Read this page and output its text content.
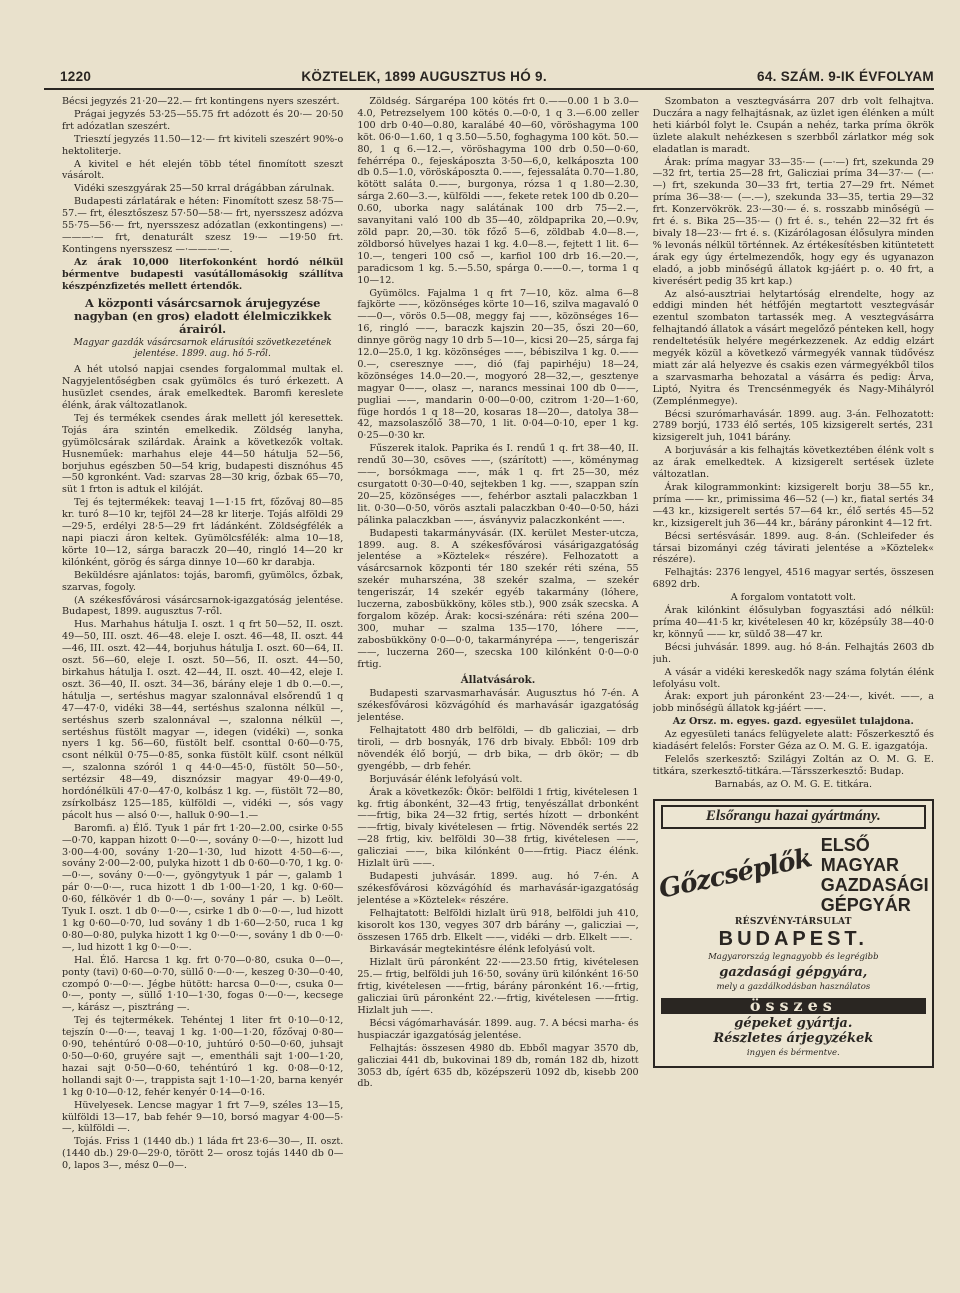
1220	KÖZTELEK, 1899 AUGUSZTUS HÓ 9.	64. SZÁM. 9-IK ÉVFOLYAM

Bécsi jegyzés 21·20—22.— frt kontingens nyers szeszért.

Prágai jegyzés 53·25—55.75 frt adózott és 20·— 20·50 frt adózatlan szeszért.

Triesztí jegyzés 11.50—12·— frt kiviteli szeszért 90%-o hektoliterje.

A kivitel e hét elején több tétel finomított szeszt vásárolt.

Vidéki szeszgyárak 25—50 krral drágábban zárulnak.

Budapesti zárlatárak e héten: Finomított szesz 58·75—57.— frt, élesztőszesz 57·50—58·— frt, nyersszesz adózva 55·75—56·— frt, nyersszesz adózatlan (exkontingens) —·———·— frt, denaturált szesz 19·— —19·50 frt. Kontingens nyersszesz —·———·—.

Az árak 10,000 literfokonként hordó nélkül bérmentve budapesti vasútállomásokig szállítva készpénzfizetés mellett értendők.

A központi vásárcsarnok árujegyzése nagyban (en gros) eladott élelmiczikkek árairól.
Magyar gazdák vásárcsarnok elárusítói szövetkezetének jelentése. 1899. aug. hó 5-ről.

A hét utolsó napjai csendes forgalommal multak el. Nagyjelentőségben csak gyümölcs és turó érkezett. A husüzlet csendes, árak emelkedtek. Baromfi kereslete élénk, árak változatlanok.

Tej és termékek csendes árak mellett jól keresettek. Tojás ára szintén emelkedik. Zöldség lanyha, gyümölcsárak szilárdak. Áraink a következők voltak. Husneműek: marhahus eleje 44—50 hátulja 52—56, borjuhus egészben 50—54 krig, budapesti disznóhus 45—50 kgronként. Vad: szarvas 28—30 krig, őzbak 65—70, süt 1 frton is adtuk el kilóját.

Tej és tejtermékek: teavaj 1—1·15 frt, főzővaj 80—85 kr. turó 8—10 kr, tejföl 24—28 kr literje. Tojás alföldi 29—29·5, erdélyi 28·5—29 frt ládánként. Zöldségfélék a napi piaczi áron keltek. Gyümölcsfélék: alma 10—18, körte 10—12, sárga baraczk 20—40, ringló 14—20 kr kilónként, görög és sárga dinnye 10—60 kr darabja.

Beküldésre ajánlatos: tojás, baromfi, gyümölcs, őzbak, szarvas, fogoly.

(A székesfővárosi vásárcsarnok-igazgatóság jelentése. Budapest, 1899. augusztus 7-ről.

Hus. Marhahus hátulja I. oszt. 1 q frt 50—52, II. oszt. 49—50, III. oszt. 46—48. eleje I. oszt. 46—48, II. oszt. 44—46, III. oszt. 42—44, borjuhus hátulja I. oszt. 60—64, II. oszt. 56—60, eleje I. oszt. 50—56, II. oszt. 44—50, birkahus hátulja I. oszt. 42—44, II. oszt. 40—42, eleje I. oszt. 36—40, II. oszt. 34—36, bárány eleje 1 db 0.—0.—, hátulja —, sertéshus magyar szalonnával elsőrendű 1 q 47—47·0, vidéki 38—44, sertéshus szalonna nélkül —, sertéshus szerb szalonnával —, szalonna nélkül —, sertéshus füstölt magyar —, idegen (vidéki) —, sonka nyers 1 kg. 56—60, füstölt belf. csonttal 0·60—0·75, csont nélkül 0·75—0·85, sonka füstölt külf. csont nélkül —, szalonna szóról 1 q 44·0—45·0, füstölt 50—50·, sertézsir 48—49, disznózsir magyar 49·0—49·0, hordónélküli 47·0—47·0, kolbász 1 kg. —, füstölt 72—80, zsírkolbász 125—185, külföldi —, vidéki —, sós vagy pácolt hus — alsó 0·—, halluk 0·90—1.—

Baromfi. a) Élő. Tyuk 1 pár frt 1·20—2.00, csirke 0·55—0·70, kappan hizott 0·—0·—, sovány 0·—0·—, hizott lud 3·00—4·00, sovány 1·20—1·30, lud hizott 4·50—6·—, sovány 2·00—2·00, pulyka hizott 1 db 0·60—0·70, 1 kg. 0·—0·—, sovány 0·—0·—, gyöngytyuk 1 pár —, galamb 1 pár 0·—0·—, ruca hizott 1 db 1·00—1·20, 1 kg. 0·60—0·60, félkövér 1 db 0·—0·—, sovány 1 pár —. b) Leölt. Tyuk I. oszt. 1 db 0·—0·—, csirke 1 db 0·—0·—, lud hizott 1 kg 0·60—0·70, lud sovány 1 db 1·60—2·50, ruca 1 kg 0·80—0·80, pulyka hizott 1 kg 0·—0·—, sovány 1 db 0·—0·—, lud hizott 1 kg 0·—0·—.

Hal. Élő. Harcsa 1 kg. frt 0·70—0·80, csuka 0—0—, ponty (tavi) 0·60—0·70, süllő 0·—0·—, keszeg 0·30—0·40, czompó 0·—0·—. Jégbe hütött: harcsa 0—0·—, csuka 0—0·—, ponty —, süllő 1·10—1·30, fogas 0·—0·—, kecsege —, kárász —, pisztráng —.

Tej és tejtermékek. Tehéntej 1 liter frt 0·10—0·12, tejszín 0·—0·—, teavaj 1 kg. 1·00—1·20, főzővaj 0·80—0·90, tehéntúró 0·08—0·10, juhtúró 0·50—0·60, juhsajt 0·50—0·60, gruyére sajt —, ementháli sajt 1·00—1·20, hazai sajt 0·50—0·60, tehéntúró 1 kg. 0·08—0·12, hollandi sajt 0·—, trappista sajt 1·10—1·20, barna kenyér 1 kg 0·10—0·12, fehér kenyér 0·14—0·16.

Hüvelyesek. Lencse magyar 1 frt 7—9, széles 13—15, külföldi 13—17, bab fehér 9—10, borsó magyar 4·00—5·—, külföldi —.

Tojás. Friss 1 (1440 db.) 1 láda frt 23·6—30—, II. oszt. (1440 db.) 29·0—29·0, törött 2— orosz tojás 1440 db 0—0, lapos 3—, mész 0—0—.

Zöldség. Sárgarépa 100 kötés frt 0.——0.00 1 b 3.0—4.0, Petrezselyem 100 kötés 0.—0·0, 1 q 3.—6.00 zeller 100 drb 0·40—0.80, karalábé 40—60, vöröshagyma 100 köt. 06·0—1.60, 1 q 3.50—5.50, foghagyma 100 köt. 50.—80, 1 q 6.—12.—, vöröshagyma 100 drb 0.50—0·60, fehérrépa 0., fejeskáposzta 3·50—6,0, kelkáposzta 100 db 0.5—1.0, vöröskáposzta 0.——, fejessaláta 0.70—1.80, kötött saláta 0.——, burgonya, rózsa 1 q 1.80—2.30, sárga 2.60—3.—, külföldi ——, fekete retek 100 db 0.20—0.60, uborka nagy salátának 100 drb 75—2.—, savanyitani való 100 db 35—40, zöldpaprika 20,—0.9v, zöld papr. 20,—30. tök főző 5—6, zöldbab 4.0—8.—, zöldborsó hüvelyes hazai 1 kg. 4.0—8.—, fejtett 1 lit. 6—10.—, tengeri 100 cső —, karfiol 100 drb 16.—20.—, paradicsom 1 kg. 5.—5.50, spárga 0.——0.—, torma 1 q 10—12.

Gyümölcs. Fajalma 1 q frt 7—10, köz. alma 6—8 fajkörte ——, közönséges körte 10—16, szilva magavaló 0——0—, vörös 0.5—08, meggy faj ——, közönséges 16—16, ringló ——, baraczk kajszin 20—35, őszi 20—60, dinnye görög nagy 10 drb 5—10—, kicsi 20—25, sárga faj 12.0—25.0, 1 kg. közönséges ——, bébiszilva 1 kg. 0.——0.—, cseresznye ——, dió (faj papirhéju) 18—24, közönséges 14.0—20.—, mogyoró 28—32,—, gesztenye magyar 0——, olasz —, narancs messinai 100 db 0——, pugliai ——, mandarin 0·00—0·00, czitrom 1·20—1·60, füge hordós 1 q 18—20, kosaras 18—20—, datolya 38—42, mazsolaszőlő 38—70, 1 lit. 0·04—0·10, eper 1 kg. 0·25—0·30 kr.

Fűszerek italok. Paprika és I. rendű 1 q. frt 38—40, II. rendű 30—30, csöves ——, (szárított) ——, köménymag ——, borsókmaga ——, mák 1 q. frt 25—30, méz csurgatott 0·30—0·40, sejtekben 1 kg. ——, szappan szín 20—25, közönséges ——, fehérbor asztali palaczkban 1 lit. 0·30—0·50, vörös asztali palaczkban 0·40—0·50, házi pálinka palaczkban ——, ásványviz palaczkonként ——.

Budapesti takarmányvásár. (IX. kerület Mester-utcza, 1899. aug. 8. A székesfővárosi vásárigazgatóság jelentése a »Köztelek« részére). Felhozatott a vásárcsarnok központi tér 180 szekér réti széna, 55 szekér muharszéna, 38 szekér szalma, — szekér tengeriszár, 14 szekér egyéb takarmány (lóhere, luczerna, zabosbükköny, köles stb.), 900 zsák szecska. A forgalom közép. Árak: kocsi-szénára: réti széna 200—300, muhar — szalma 135—170, lóhere ——, zabosbükköny 0·0—0·0, takarmányrépa ——, tengeriszár ——, luczerna 260—, szecska 100 kilónként 0·0—0·0 frtig.

Állatvásárok.

Budapesti szarvasmarhavásár. Augusztus hó 7-én. A székesfővárosi közvágóhíd és marhavásár igazgatóság jelentése.

Felhajtatott 480 drb belföldi, — db galicziai, — drb tiroli, — drb bosnyák, 176 drb bivaly. Ebből: 109 drb növendék élő borjú, — drb bika, — drb ökör; — db gyengébb, — drb fehér.

Borjuvásár élénk lefolyású volt.

Árak a következők: Ökör: belföldi 1 frtig, kivételesen 1 kg. frtig ábonként, 32—43 frtig, tenyészállat drbonként ——frtig, bika 24—32 frtig, sertés hízott — drbonként ——frtig, bivaly kivételesen — frtig. Növendék sertés 22—28 frtig, kiv. belföldi 30—38 frtig, kivételesen ——, galicziai ——, bika kilónként 0——frtig. Piacz élénk. Hizlalt ürü ——.

Budapesti juhvásár. 1899. aug. hó 7-én. A székesfővárosi közvágóhíd és marhavásár-igazgatóság jelentése a »Köztelek« részére.

Felhajtatott: Belföldi hizlalt ürü 918, belföldi juh 410, kisorolt kos 130, vegyes 307 drb bárány —, galicziai —, összesen 1765 drb. Elkelt ——, vidéki — drb. Elkelt ——.

Birkavásár megtekintésre élénk lefolyású volt.

Hizlalt ürü páronként 22·——23.50 frtig, kivételesen 25.— frtig, belföldi juh 16·50, sovány ürü kilónként 16·50 frtig, kivételesen ——frtig, bárány páronként 16.·—frtig, galicziai ürü páronként 22.·—frtig, kivételesen ——frtig. Hizlalt juh ——.

Bécsi vágómarhavásár. 1899. aug. 7. A bécsi marha- és huspiaczár igazgatóság jelentése.

Felhajtás: összesen 4980 db. Ebből magyar 3570 db, galicziai 441 db, bukovinai 189 db, román 182 db, hizott 3053 db, ígért 635 db, középszerü 1092 db, kisebb 200 db.

Szombaton a vesztegvásárra 207 drb volt felhajtva. Duczára a nagy felhajtásnak, az üzlet igen élénken a múlt heti kiárból folyt le. Csupán a nehéz, tarka príma ökrök üzlete alakult nehézkesen s szerbből zárlatkor még sok eladatlan is maradt.

Árak: príma magyar 33—35·— (—·—) frt, szekunda 29—32 frt, tertia 25—28 frt, Galicziai príma 34—37·— (—·—) frt, szekunda 30—33 frt, tertia 27—29 frt. Német príma 36—38·— (—.—), szekunda 33—35, tertia 29—32 frt. Konzervökrök. 23·—30·— é. s. rosszabb minőségü — frt é. s. Bika 25—35·— () frt é. s., tehén 22—32 frt és bivaly 18—23·— frt é. s. (Kizárólagosan élősulyra minden % levonás nélkül történnek. Az értékesítésben kitüntetett árak egy úgy értelmezendők, hogy egy és ugyanazon eladó, a jobb minőségű állatok kg-jáért p. o. 40 frt, a kiverésért pedig 35 krt kap.)

Az alsó-ausztriai helytartóság elrendelte, hogy az eddigi minden hét hétfőjén megtartott vesztegvásár ezentul szombaton tartassék meg. A vesztegvásárra felhajtandó állatok a vásárt megelőző pénteken kell, hogy rendeltetésük helyére megérkezzenek. Az eddig elzárt megyék közül a következő vármegyék vannak tüdővész miatt zár alá helyezve és csakis ezen vármegyékből tilos a szarvasmarha behozatal a vásárra és pedig: Árva, Liptó, Nyitra és Trencsénmegyék és Nagy-Mihályról (Zemplénmegye).

Bécsi szurómarhavásár. 1899. aug. 3-án. Felhozatott: 2789 borjú, 1733 élő sertés, 105 kizsigerelt sertés, 231 kizsigerelt juh, 1041 bárány.

A borjuvásár a kis felhajtás következtében élénk volt s az árak emelkedtek. A kizsigerelt sertések üzlete változatlan.

Árak kilogrammonkint: kizsigerelt borju 38—55 kr., príma —— kr., primissima 46—52 (—) kr., fiatal sertés 34—43 kr., kizsigerelt sertés 57—64 kr., élő sertés 45—52 kr., kizsigerelt juh 36—44 kr., bárány páronkint 4—12 frt.

Bécsi sertésvásár. 1899. aug. 8-án. (Schleifeder és társai bizományi czég távirati jelentése a »Köztelek« részére).

Felhajtás: 2376 lengyel, 4516 magyar sertés, összesen 6892 drb.

A forgalom vontatott volt.

Árak kilónkint élősulyban fogyasztási adó nélkül: príma 40—41·5 kr, kivételesen 40 kr, középsúly 38—40·0 kr, könnyű —— kr, süldő 38—47 kr.

Bécsi juhvásár. 1899. aug. hó 8-án. Felhajtás 2603 db juh.

A vásár a vidéki kereskedők nagy száma folytán élénk lefolyásu volt.

Árak: export juh páronként 23·—24·—, kivét. ——, a jobb minőségü állatok kg-jáért ——.

Az Orsz. m. egyes. gazd. egyesület tulajdona.

Az egyesületi tanács felügyelete alatt: Főszerkesztő és kiadásért felelős: Forster Géza az O. M. G. E. igazgatója.

Felelős szerkesztő: Szilágyi Zoltán az O. M. G. E. titkára, szerkesztő-titkára.—Társszerkesztő: Budap.

Barnabás, az O. M. G. E. titkára.

Elsőrangu hazai gyártmány.
Gőzcséplők ELSŐ MAGYAR GAZDASÁGI GÉPGYÁR
RÉSZVÉNY-TÁRSULAT
BUDAPEST.
Magyarország legnagyobb és legrégibb
gazdasági gépgyára,
mely a gazdálkodásban használatos
összes
gépeket gyártja.
Részletes árjegyzékek
ingyen és bérmentve.
